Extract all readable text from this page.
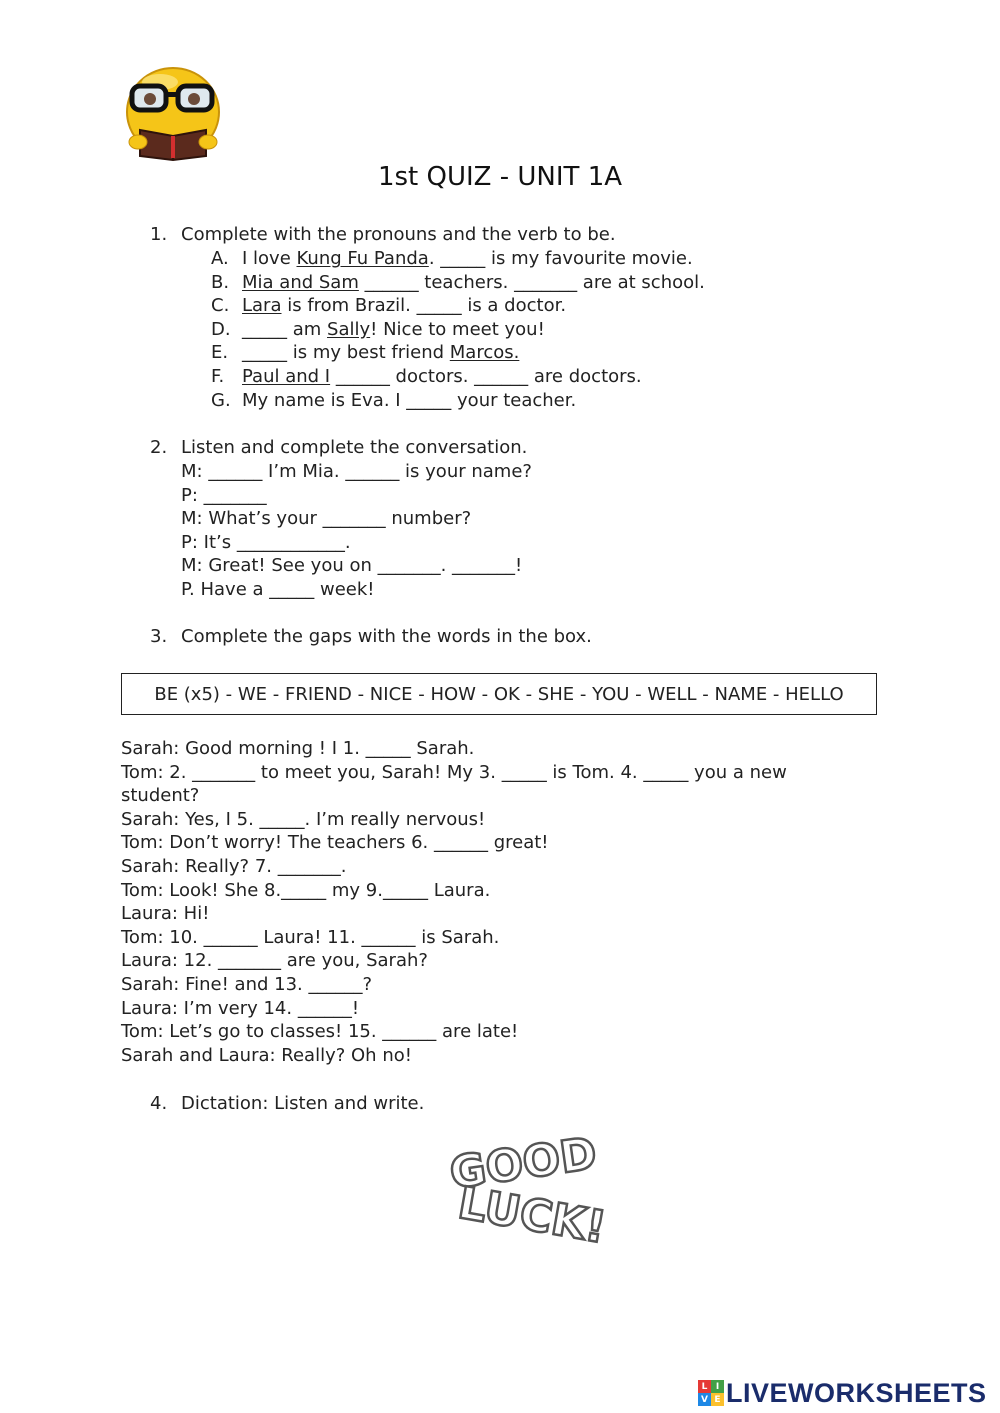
1st QUIZ - UNIT 1A
1. Complete with the pronouns and the verb to be.
A. I love Kung Fu Panda. _____ is my favourite movie.
B. Mia and Sam ______ teachers. _______ are at school.
C. Lara is from Brazil. _____ is a doctor.
D. _____ am Sally! Nice to meet you!
E. _____ is my best friend Marcos.
F. Paul and I ______ doctors. ______ are doctors.
G. My name is Eva. I _____ your teacher.
2. Listen and complete the conversation.
M: ______ I’m Mia. ______ is your name?
P: _______
M: What’s your _______ number?
P: It’s ____________.
M: Great! See you on _______. _______!
P. Have a _____ week!
3. Complete the gaps with the words in the box.
BE (x5) - WE - FRIEND - NICE - HOW - OK - SHE - YOU - WELL - NAME - HELLO
Sarah: Good morning ! I 1. _____ Sarah.
Tom: 2. _______ to meet you, Sarah! My 3. _____ is Tom. 4. _____ you a new
student?
Sarah: Yes, I 5. _____. I’m really nervous!
Tom: Don’t worry! The teachers 6. ______ great!
Sarah: Really? 7. _______.
Tom: Look! She 8._____ my 9._____ Laura.
Laura: Hi!
Tom: 10. ______ Laura! 11. ______ is Sarah.
Laura: 12. _______ are you, Sarah?
Sarah: Fine! and 13. ______?
Laura: I’m very 14. ______!
Tom: Let’s go to classes! 15. ______ are late!
Sarah and Laura: Really? Oh no!
4. Dictation: Listen and write.
GOOD
LUCK!
L I
V E LIVEWORKSHEETS
